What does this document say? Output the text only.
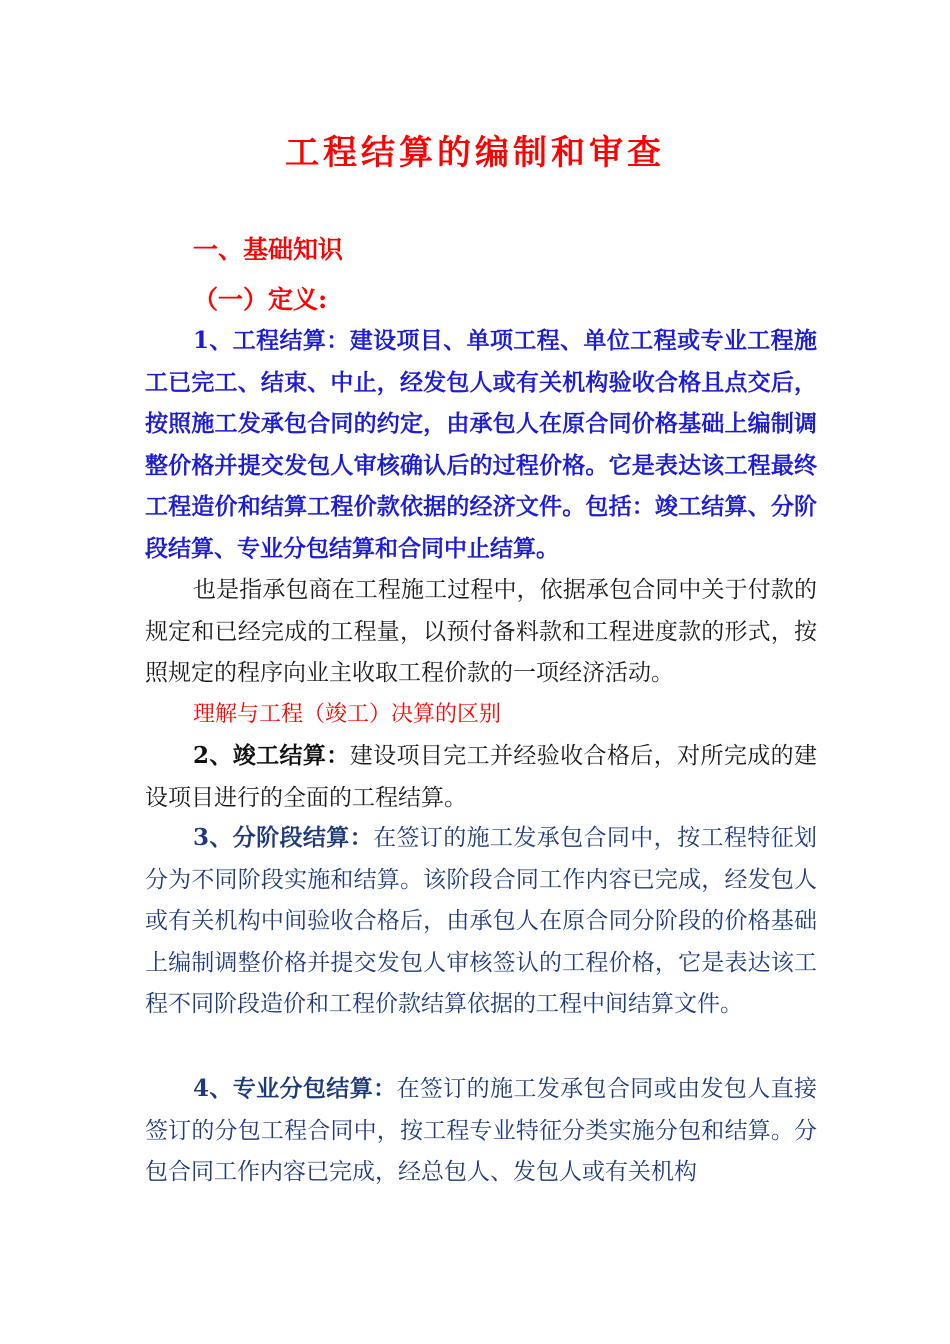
工程结算的编制和审查
一、基础知识
（一）定义:
1、工程结算：建设项目、单项工程、单位工程或专业工程施工已完工、结束、中止，经发包人或有关机构验收合格且点交后，按照施工发承包合同的约定，由承包人在原合同价格基础上编制调整价格并提交发包人审核确认后的过程价格。它是表达该工程最终工程造价和结算工程价款依据的经济文件。包括：竣工结算、分阶段结算、专业分包结算和合同中止结算。
也是指承包商在工程施工过程中，依据承包合同中关于付款的规定和已经完成的工程量，以预付备料款和工程进度款的形式，按照规定的程序向业主收取工程价款的一项经济活动。
理解与工程（竣工）决算的区别
2、竣工结算：建设项目完工并经验收合格后，对所完成的建设项目进行的全面的工程结算。
3、分阶段结算：在签订的施工发承包合同中，按工程特征划分为不同阶段实施和结算。该阶段合同工作内容已完成，经发包人或有关机构中间验收合格后，由承包人在原合同分阶段的价格基础上编制调整价格并提交发包人审核签认的工程价格，它是表达该工程不同阶段造价和工程价款结算依据的工程中间结算文件。
4、专业分包结算：在签订的施工发承包合同或由发包人直接签订的分包工程合同中，按工程专业特征分类实施分包和结算。分包合同工作内容已完成，经总包人、发包人或有关机构
